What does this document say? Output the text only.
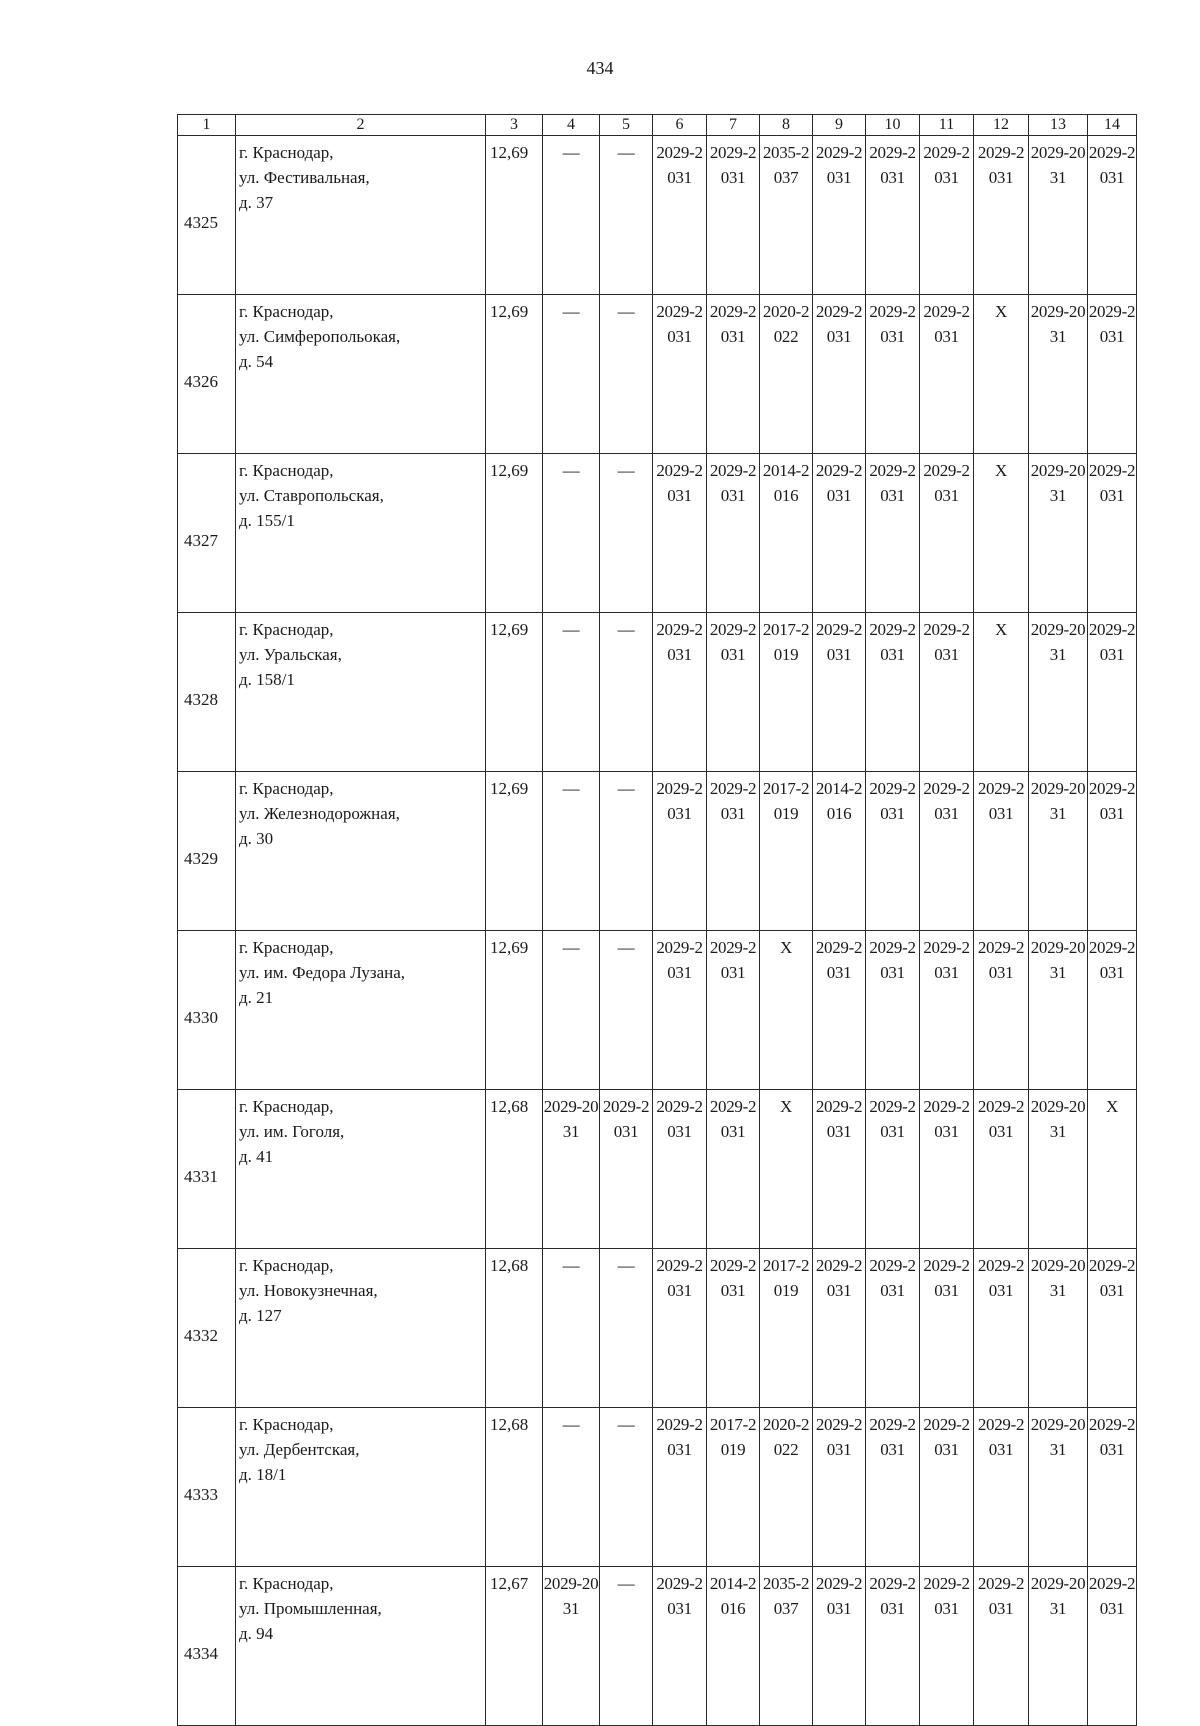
434
1	2	3	4	5	6	7	8	9	10	11	12	13	14
4325	г. Краснодар,
ул. Фестивальная,
д. 37	12,69	—	—	2029-2031	2029-2031	2035-2037	2029-2031	2029-2031	2029-2031	2029-2031	2029-2031	2029-2031
4326	г. Краснодар,
ул. Симферопольокая,
д. 54	12,69	—	—	2029-2031	2029-2031	2020-2022	2029-2031	2029-2031	2029-2031	X	2029-2031	2029-2031
4327	г. Краснодар,
ул. Ставропольская,
д. 155/1	12,69	—	—	2029-2031	2029-2031	2014-2016	2029-2031	2029-2031	2029-2031	X	2029-2031	2029-2031
4328	г. Краснодар,
ул. Уральская,
д. 158/1	12,69	—	—	2029-2031	2029-2031	2017-2019	2029-2031	2029-2031	2029-2031	X	2029-2031	2029-2031
4329	г. Краснодар,
ул. Железнодорожная,
д. 30	12,69	—	—	2029-2031	2029-2031	2017-2019	2014-2016	2029-2031	2029-2031	2029-2031	2029-2031	2029-2031
4330	г. Краснодар,
ул. им. Федора Лузана,
д. 21	12,69	—	—	2029-2031	2029-2031	X	2029-2031	2029-2031	2029-2031	2029-2031	2029-2031	2029-2031
4331	г. Краснодар,
ул. им. Гоголя,
д. 41	12,68	2029-2031	2029-2031	2029-2031	2029-2031	X	2029-2031	2029-2031	2029-2031	2029-2031	2029-2031	X
4332	г. Краснодар,
ул. Новокузнечная,
д. 127	12,68	—	—	2029-2031	2029-2031	2017-2019	2029-2031	2029-2031	2029-2031	2029-2031	2029-2031	2029-2031
4333	г. Краснодар,
ул. Дербентская,
д. 18/1	12,68	—	—	2029-2031	2017-2019	2020-2022	2029-2031	2029-2031	2029-2031	2029-2031	2029-2031	2029-2031
4334	г. Краснодар,
ул. Промышленная,
д. 94	12,67	2029-2031	—	2029-2031	2014-2016	2035-2037	2029-2031	2029-2031	2029-2031	2029-2031	2029-2031	2029-2031
